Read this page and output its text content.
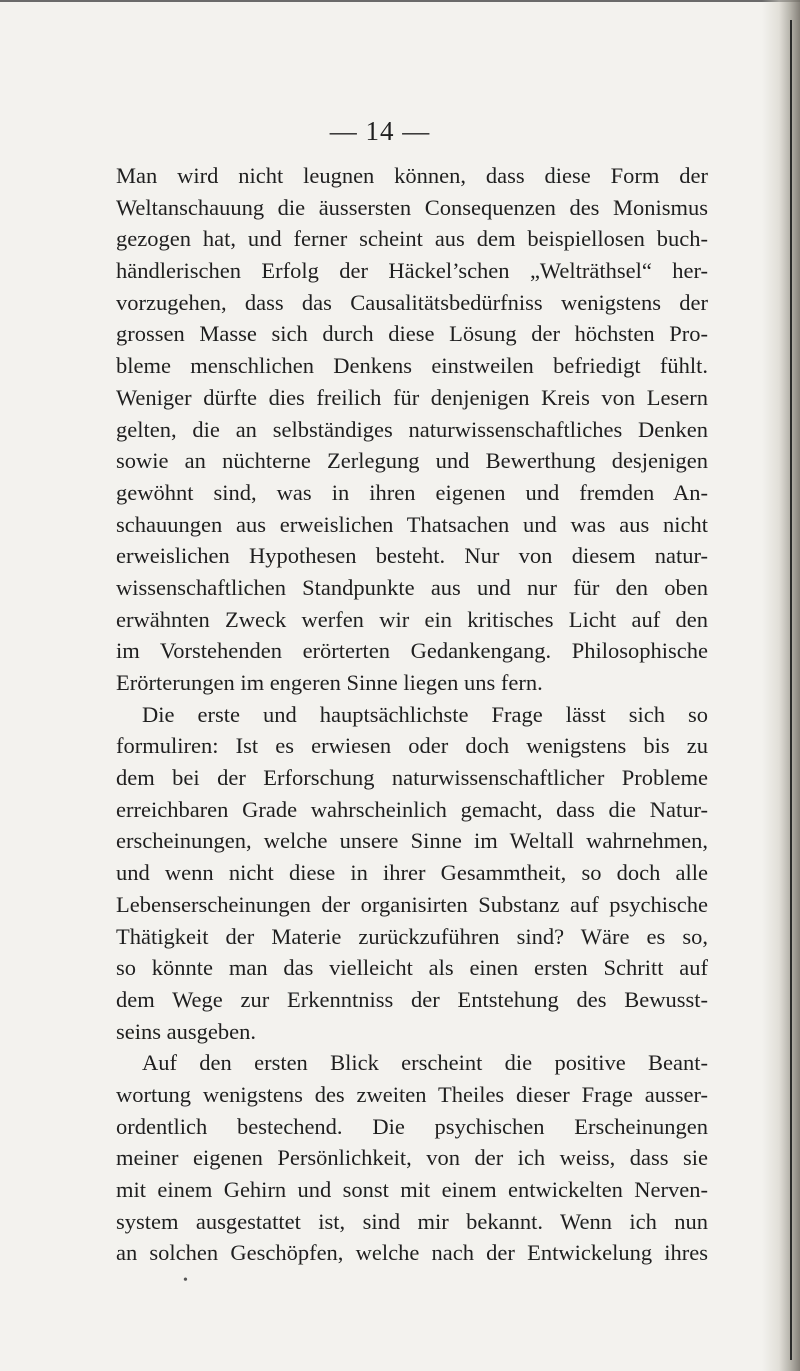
— 14 —
Man wird nicht leugnen können, dass diese Form der
Weltanschauung die äussersten Consequenzen des Monismus
gezogen hat, und ferner scheint aus dem beispiellosen buch-
händlerischen Erfolg der Häckel’schen „Welträthsel“ her-
vorzugehen, dass das Causalitätsbedürfniss wenigstens der
grossen Masse sich durch diese Lösung der höchsten Pro-
bleme menschlichen Denkens einstweilen befriedigt fühlt.
Weniger dürfte dies freilich für denjenigen Kreis von Lesern
gelten, die an selbständiges naturwissenschaftliches Denken
sowie an nüchterne Zerlegung und Bewerthung desjenigen
gewöhnt sind, was in ihren eigenen und fremden An-
schauungen aus erweislichen Thatsachen und was aus nicht
erweislichen Hypothesen besteht. Nur von diesem natur-
wissenschaftlichen Standpunkte aus und nur für den oben
erwähnten Zweck werfen wir ein kritisches Licht auf den
im Vorstehenden erörterten Gedankengang. Philosophische
Erörterungen im engeren Sinne liegen uns fern.
Die erste und hauptsächlichste Frage lässt sich so
formuliren: Ist es erwiesen oder doch wenigstens bis zu
dem bei der Erforschung naturwissenschaftlicher Probleme
erreichbaren Grade wahrscheinlich gemacht, dass die Natur-
erscheinungen, welche unsere Sinne im Weltall wahrnehmen,
und wenn nicht diese in ihrer Gesammtheit, so doch alle
Lebenserscheinungen der organisirten Substanz auf psychische
Thätigkeit der Materie zurückzuführen sind? Wäre es so,
so könnte man das vielleicht als einen ersten Schritt auf
dem Wege zur Erkenntniss der Entstehung des Bewusst-
seins ausgeben.
Auf den ersten Blick erscheint die positive Beant-
wortung wenigstens des zweiten Theiles dieser Frage ausser-
ordentlich bestechend. Die psychischen Erscheinungen
meiner eigenen Persönlichkeit, von der ich weiss, dass sie
mit einem Gehirn und sonst mit einem entwickelten Nerven-
system ausgestattet ist, sind mir bekannt. Wenn ich nun
an solchen Geschöpfen, welche nach der Entwickelung ihres
•
